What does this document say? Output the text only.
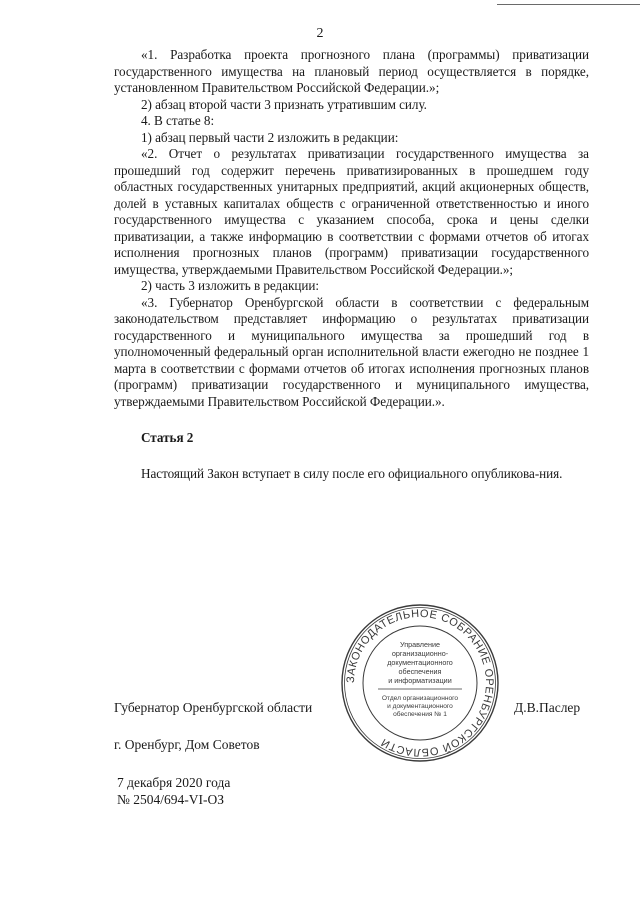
2

«1. Разработка проекта прогнозного плана (программы) приватизации государственного имущества на плановый период осуществляется в порядке, установленном Правительством Российской Федерации.»;

2) абзац второй части 3 признать утратившим силу.

4. В статье 8:

1) абзац первый части 2 изложить в редакции:

«2. Отчет о результатах приватизации государственного имущества за прошедший год содержит перечень приватизированных в прошедшем году областных государственных унитарных предприятий, акций акционерных обществ, долей в уставных капиталах обществ с ограниченной ответственностью и иного государственного имущества с указанием способа, срока и цены сделки приватизации, а также информацию в соответствии с формами отчетов об итогах исполнения прогнозных планов (программ) приватизации государственного имущества, утверждаемыми Правительством Российской Федерации.»;

2) часть 3 изложить в редакции:

«3. Губернатор Оренбургской области в соответствии с федеральным законодательством представляет информацию о результатах приватизации государственного и муниципального имущества за прошедший год в уполномоченный федеральный орган исполнительной власти ежегодно не позднее 1 марта в соответствии с формами отчетов об итогах исполнения прогнозных планов (программ) приватизации государственного и муниципального имущества, утверждаемыми Правительством Российской Федерации.».

Статья 2

Настоящий Закон вступает в силу после его официального опубликова-ния.

ЗАКОНОДАТЕЛЬНОЕ СОБРАНИЕ ОРЕНБУРГСКОЙ ОБЛАСТИ
Управление
организационно-
документационного
обеспечения
и информатизации
Отдел организационного
и документационного
обеспечения № 1
Губернатор Оренбургской области	Д.В.Паслер
г. Оренбург, Дом Советов
7 декабря 2020 года
№ 2504/694-VI-ОЗ
